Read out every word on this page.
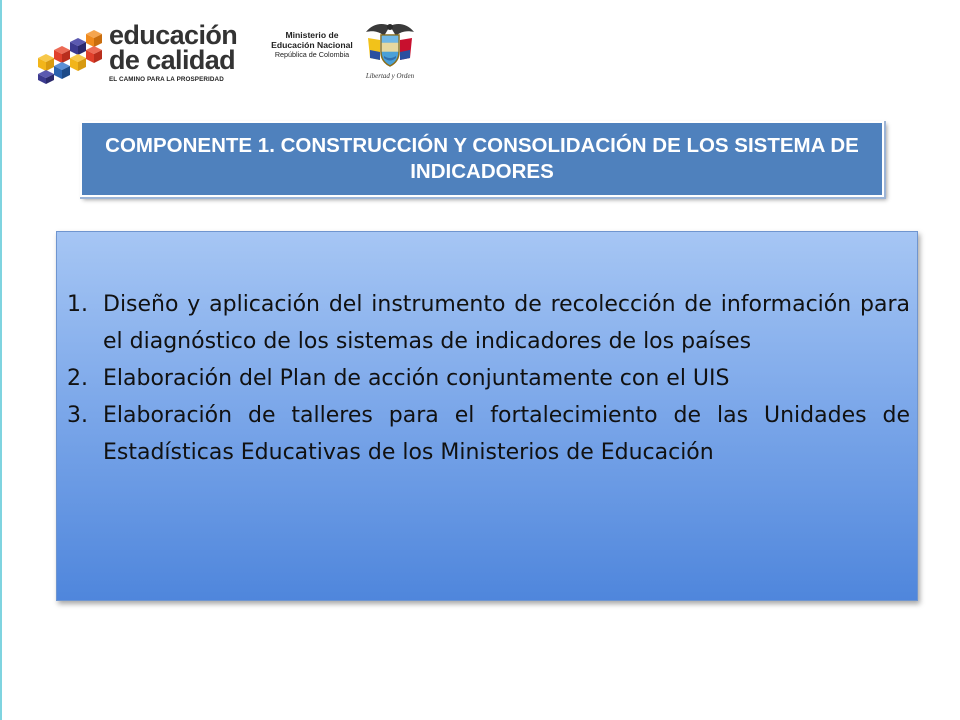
educación
de calidad
EL CAMINO PARA LA PROSPERIDAD
Ministerio de
Educación Nacional
República de Colombia
Libertad y Orden
COMPONENTE 1. CONSTRUCCIÓN Y CONSOLIDACIÓN DE LOS SISTEMA DE INDICADORES
1. Diseño y aplicación del instrumento de recolección de información para el diagnóstico de los sistemas de indicadores de los países
2. Elaboración del Plan de acción conjuntamente con el UIS
3. Elaboración de talleres para el fortalecimiento de las Unidades de Estadísticas Educativas de los Ministerios de Educación
